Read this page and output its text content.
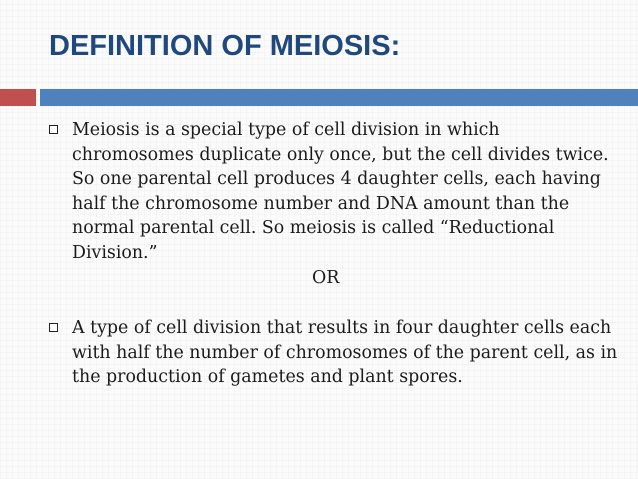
DEFINITION OF MEIOSIS:

Meiosis is a special type of cell division in which chromosomes duplicate only once, but the cell divides twice. So one parental cell produces 4 daughter cells, each having half the chromosome number and DNA amount than the normal parental cell. So meiosis is called “Reductional Division.”

OR

A type of cell division that results in four daughter cells each with half the number of chromosomes of the parent cell, as in the production of gametes and plant spores.
